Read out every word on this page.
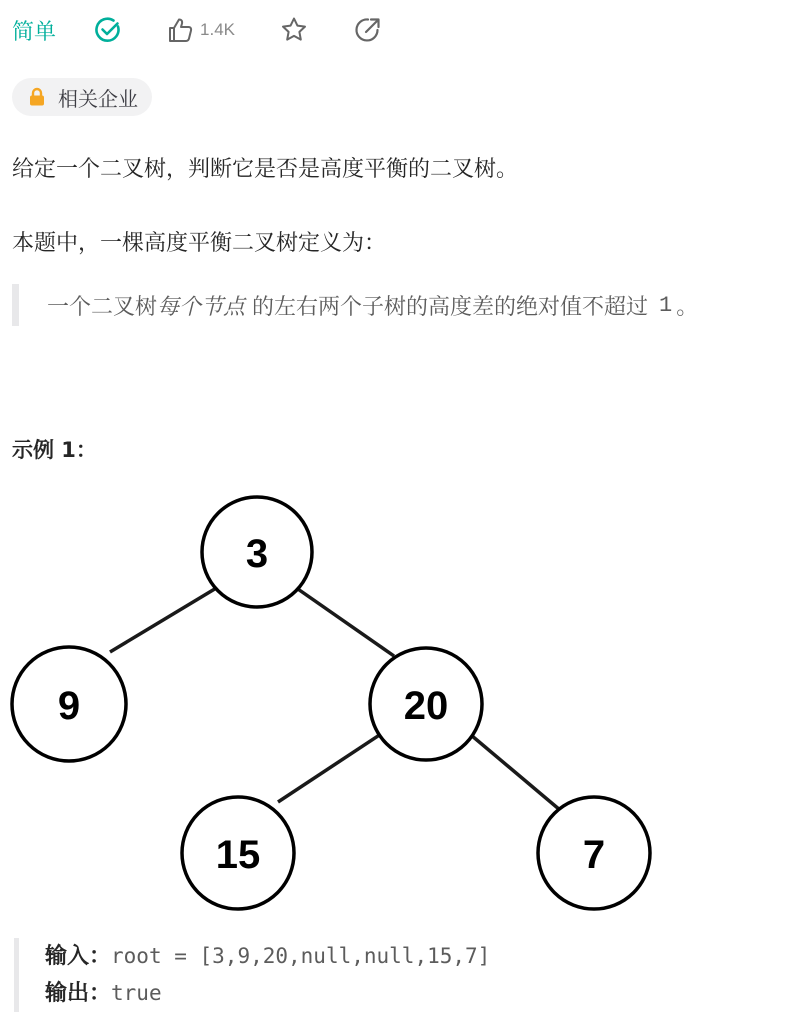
简单	1.4K
相关企业
给定一个二叉树，判断它是否是高度平衡的二叉树。
本题中，一棵高度平衡二叉树定义为：
一个二叉树 每个节点 的左右两个子树的高度差的绝对值不超过 1 。
示例 1：
3
9	20
15	7
输入：root = [3,9,20,null,null,15,7]
输出：true
